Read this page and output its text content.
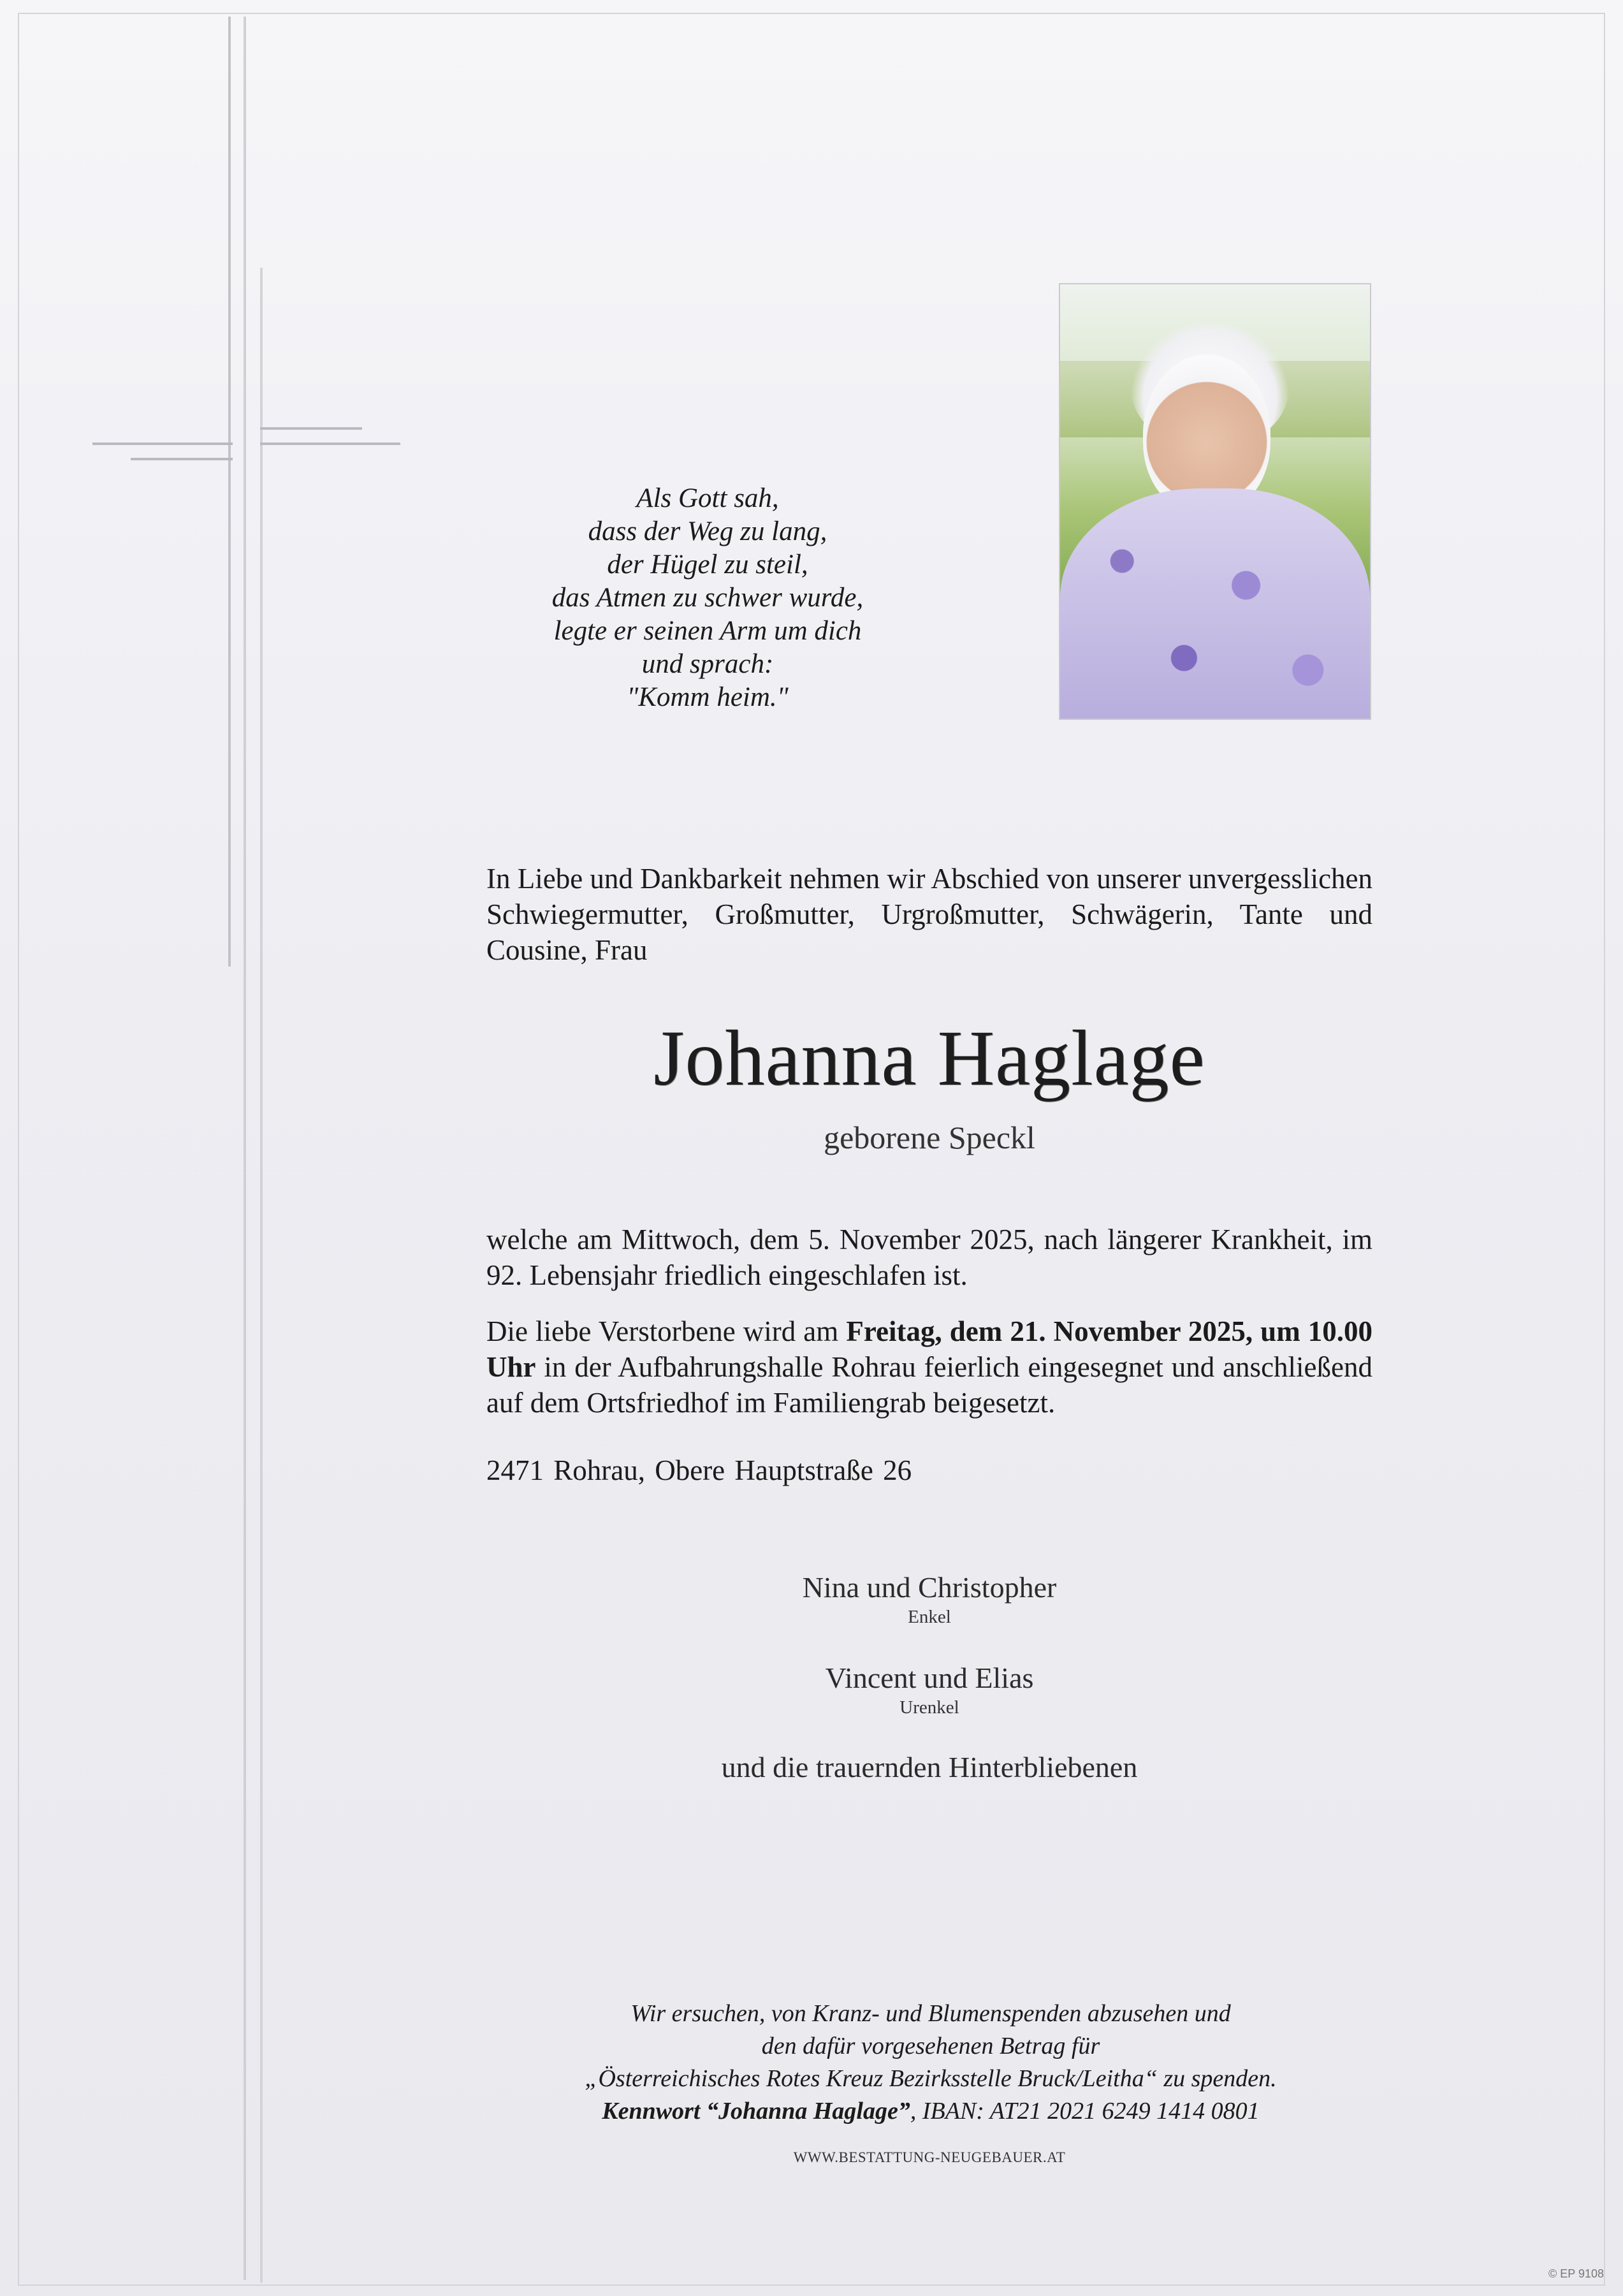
Als Gott sah,
dass der Weg zu lang,
der Hügel zu steil,
das Atmen zu schwer wurde,
legte er seinen Arm um dich
und sprach:
"Komm heim."

In Liebe und Dankbarkeit nehmen wir Abschied von unserer unvergesslichen Schwiegermutter, Großmutter, Urgroßmutter, Schwägerin, Tante und Cousine, Frau

Johanna Haglage
geborene Speckl

welche am Mittwoch, dem 5. November 2025, nach längerer Krankheit, im 92. Lebensjahr friedlich eingeschlafen ist.

Die liebe Verstorbene wird am Freitag, dem 21. November 2025, um 10.00 Uhr in der Aufbahrungshalle Rohrau feierlich eingesegnet und anschließend auf dem Ortsfriedhof im Familiengrab beigesetzt.

2471 Rohrau, Obere Hauptstraße 26
Nina und Christopher
Enkel
Vincent und Elias
Urenkel
und die trauernden Hinterbliebenen
Wir ersuchen, von Kranz- und Blumenspenden abzusehen und
den dafür vorgesehenen Betrag für
„Österreichisches Rotes Kreuz Bezirksstelle Bruck/Leitha“ zu spenden.
Kennwort “Johanna Haglage”, IBAN: AT21 2021 6249 1414 0801
WWW.BESTATTUNG-NEUGEBAUER.AT
© EP 9108
